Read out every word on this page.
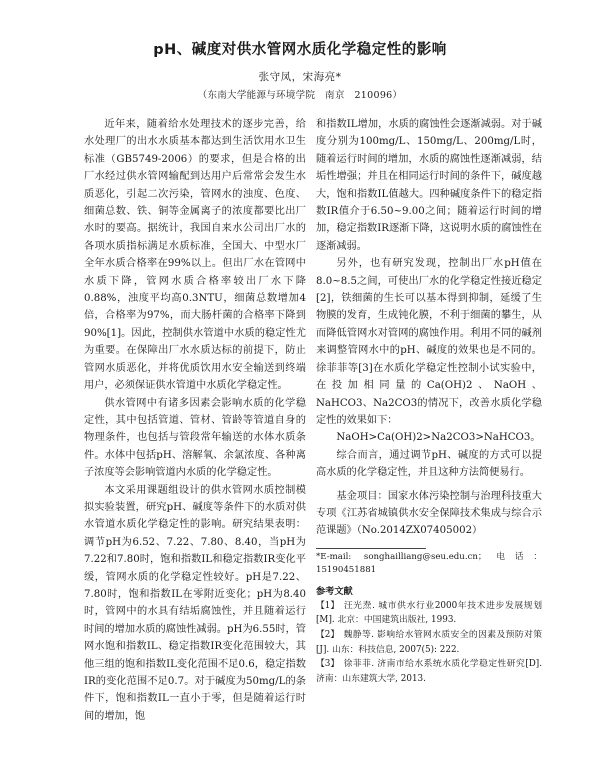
pH、碱度对供水管网水质化学稳定性的影响
张守凤，宋海亮*
（东南大学能源与环境学院　南京　210096）

近年来，随着给水处理技术的逐步完善，给水处理厂的出水水质基本都达到生活饮用水卫生标准（GB5749-2006）的要求，但是合格的出厂水经过供水管网输配到达用户后常常会发生水质恶化，引起二次污染，管网水的浊度、色度、细菌总数、铁、铜等金属离子的浓度都要比出厂水时的要高。据统计，我国自来水公司出厂水的各项水质指标满足水质标准，全国大、中型水厂全年水质合格率在99%以上。但出厂水在管网中水质下降，管网水质合格率较出厂水下降0.88%，浊度平均高0.3NTU，细菌总数增加4倍，合格率为97%，而大肠杆菌的合格率下降到90%[1]。因此，控制供水管道中水质的稳定性尤为重要。在保障出厂水水质达标的前提下，防止管网水质恶化，并将优质饮用水安全输送到终端用户，必须保证供水管道中水质化学稳定性。

供水管网中有诸多因素会影响水质的化学稳定性，其中包括管道、管材、管龄等管道自身的物理条件，也包括与管段常年输送的水体水质条件。水体中包括pH、溶解氧、余氯浓度、各种离子浓度等会影响管道内水质的化学稳定性。

本文采用课题组设计的供水管网水质控制模拟实验装置，研究pH、碱度等条件下的水质对供水管道水质化学稳定性的影响。研究结果表明：调节pH为6.52、7.22、7.80、8.40，当pH为7.22和7.80时，饱和指数IL和稳定指数IR变化平缓，管网水质的化学稳定性较好。pH是7.22、7.80时，饱和指数IL在零附近变化；pH为8.40时，管网中的水具有结垢腐蚀性，并且随着运行时间的增加水质的腐蚀性减弱。pH为6.55时，管网水饱和指数IL、稳定指数IR变化范围较大，其他三组的饱和指数IL变化范围不足0.6，稳定指数IR的变化范围不足0.7。对于碱度为50mg/L的条件下，饱和指数IL一直小于零，但是随着运行时间的增加，饱

和指数IL增加，水质的腐蚀性会逐渐减弱。对于碱度分别为100mg/L、150mg/L、200mg/L时，随着运行时间的增加，水质的腐蚀性逐渐减弱，结垢性增强；并且在相同运行时间的条件下，碱度越大，饱和指数IL值越大。四种碱度条件下的稳定指数IR值介于6.50~9.00之间；随着运行时间的增加，稳定指数IR逐渐下降，这说明水质的腐蚀性在逐渐减弱。

另外，也有研究发现，控制出厂水pH值在8.0~8.5之间，可使出厂水的化学稳定性接近稳定[2]，铁细菌的生长可以基本得到抑制，延缓了生物膜的发育，生成钝化膜，不利于细菌的攀生，从而降低管网水对管网的腐蚀作用。利用不同的碱剂来调整管网水中的pH、碱度的效果也是不同的。徐菲菲等[3]在水质化学稳定性控制小试实验中，在投加相同量的Ca(OH)2、NaOH、NaHCO3、Na2CO3的情况下，改善水质化学稳定性的效果如下：

NaOH>Ca(OH)2>Na2CO3>NaHCO3。

综合而言，通过调节pH、碱度的方式可以提高水质的化学稳定性，并且这种方法简便易行。

基金项目：国家水体污染控制与治理科技重大专项《江苏省城镇供水安全保障技术集成与综合示范课题》（No.2014ZX07405002）

*E-mail: songhailliang@seu.edu.cn；电话：15190451881

参考文献

【1】 汪光焘. 城市供水行业2000年技术进步发展规划[M]. 北京：中国建筑出版社, 1993.

【2】 魏静等. 影响给水管网水质安全的因素及预防对策[J]. 山东：科技信息, 2007(5): 222.

【3】 徐菲菲. 济南市给水系统水质化学稳定性研究[D]. 济南：山东建筑大学, 2013.
